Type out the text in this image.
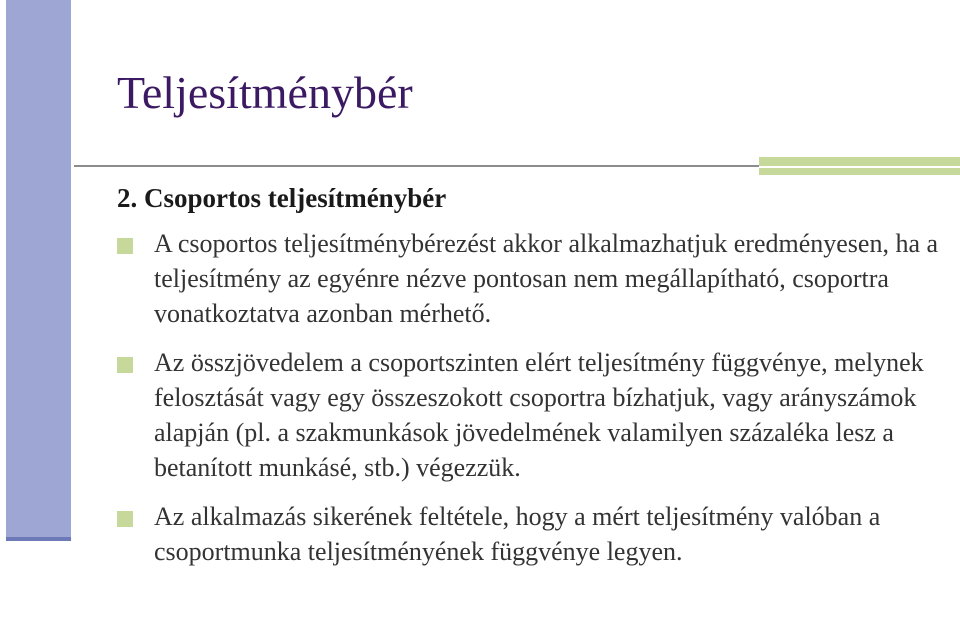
Teljesítménybér
2. Csoportos teljesítménybér
A csoportos teljesítménybérezést akkor alkalmazhatjuk eredményesen, ha a teljesítmény az egyénre nézve pontosan nem megállapítható, csoportra vonatkoztatva azonban mérhető.
Az összjövedelem a csoportszinten elért teljesítmény függvénye, melynek felosztását vagy egy összeszokott csoportra bízhatjuk, vagy arányszámok alapján (pl. a szakmunkások jövedelmének valamilyen százaléka lesz a betanított munkásé, stb.) végezzük.
Az alkalmazás sikerének feltétele, hogy a mért teljesítmény valóban a csoportmunka teljesítményének függvénye legyen.
